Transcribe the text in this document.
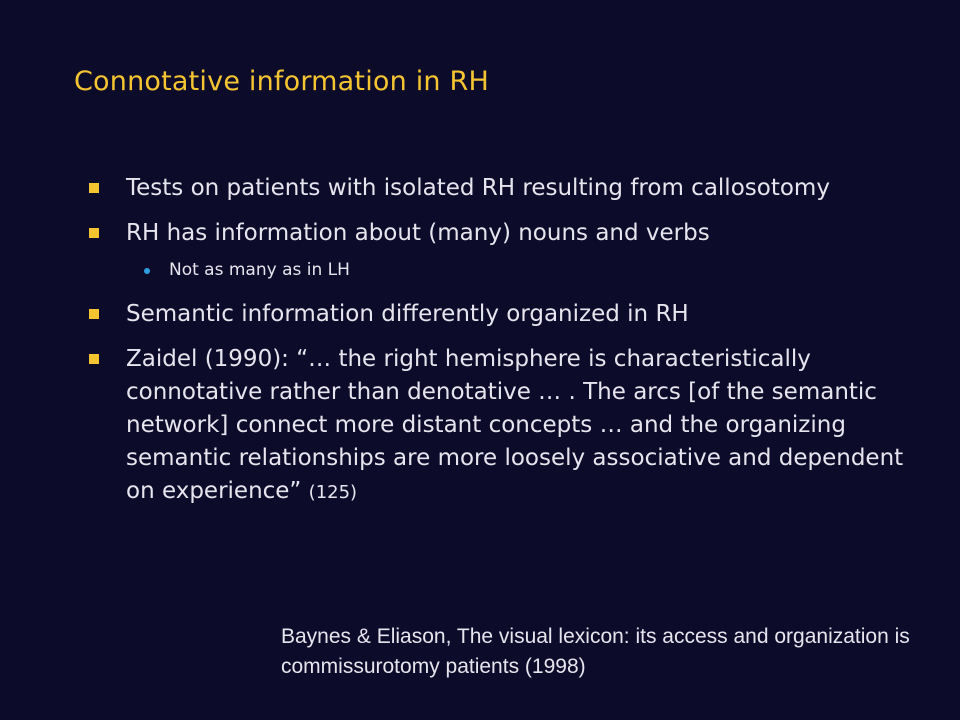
Connotative information in RH
Tests on patients with isolated RH resulting from callosotomy
RH has information about (many) nouns and verbs
Not as many as in LH
Semantic information differently organized in RH
Zaidel (1990): “… the right hemisphere is characteristically connotative rather than denotative … . The arcs [of the semantic network] connect more distant concepts … and the organizing semantic relationships are more loosely associative and dependent on experience” (125)
Baynes & Eliason, The visual lexicon: its access and organization is commissurotomy patients (1998)
